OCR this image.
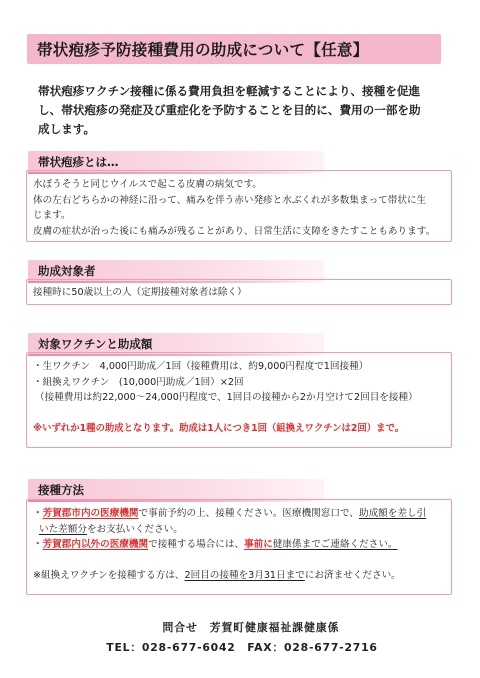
帯状疱疹予防接種費用の助成について【任意】
帯状疱疹ワクチン接種に係る費用負担を軽減することにより、接種を促進
し、帯状疱疹の発症及び重症化を予防することを目的に、費用の一部を助
成します。
帯状疱疹とは…
水ぼうそうと同じウイルスで起こる皮膚の病気です。
体の左右どちらかの神経に沿って、痛みを伴う赤い発疹と水ぶくれが多数集まって帯状に生
じます。
皮膚の症状が治った後にも痛みが残ることがあり、日常生活に支障をきたすこともあります。
助成対象者
接種時に50歳以上の人（定期接種対象者は除く）
対象ワクチンと助成額
・生ワクチン　4,000円助成／1回（接種費用は、約9,000円程度で1回接種）
・組換えワクチン　(10,000円助成／1回）×2回
（接種費用は約22,000～24,000円程度で、1回目の接種から2か月空けて2回目を接種）
※いずれか1種の助成となります。助成は1人につき1回（組換えワクチンは2回）まで。
接種方法
・芳賀郡市内の医療機関で事前予約の上、接種ください。医療機関窓口で、助成額を差し引
いた差額分をお支払いください。
・芳賀郡内以外の医療機関で接種する場合には、事前に健康係までご連絡ください。
※組換えワクチンを接種する方は、2回目の接種を3月31日までにお済ませください。
問合せ　芳賀町健康福祉課健康係
TEL：028-677-6042　FAX：028-677-2716
